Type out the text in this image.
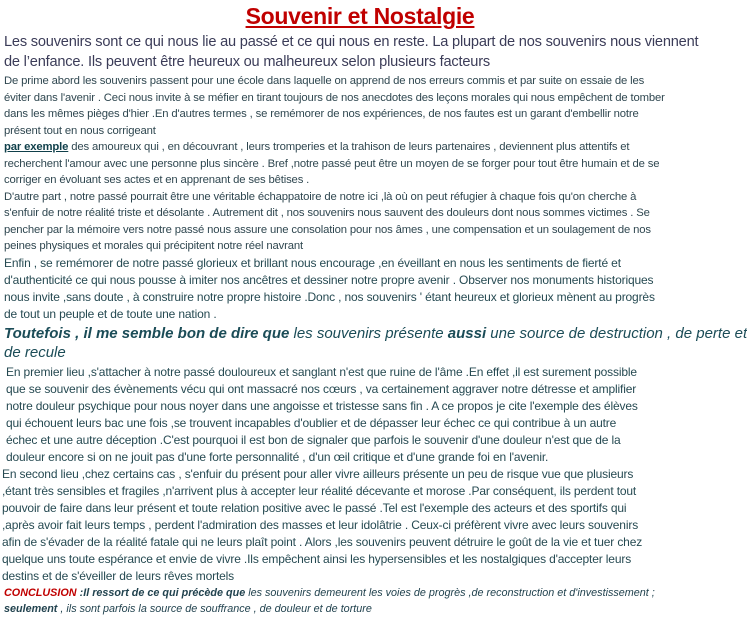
Souvenir et Nostalgie
Les souvenirs sont ce qui nous lie au passé et ce qui nous en reste. La plupart de nos souvenirs nous viennent
de l’enfance. Ils peuvent être heureux ou malheureux selon plusieurs facteurs
De prime abord les souvenirs passent pour une école dans laquelle on apprend de nos erreurs commis et par suite on essaie de les
éviter dans l'avenir . Ceci nous invite à se méfier en tirant toujours de nos anecdotes des leçons morales qui nous empêchent de tomber
dans les mêmes pièges d'hier .En d'autres termes , se remémorer de nos expériences, de nos fautes est un garant d'embellir notre
présent tout en nous corrigeant
par exemple des amoureux qui , en découvrant , leurs tromperies et la trahison de leurs partenaires , deviennent plus attentifs et
recherchent l'amour avec une personne plus sincère . Bref ,notre passé peut être un moyen de se forger pour tout être humain et de se
corriger en évoluant ses actes et en apprenant de ses bêtises .
D'autre part , notre passé pourrait être une véritable échappatoire de notre ici ,là où on peut réfugier à chaque fois qu'on cherche à
s'enfuir de notre réalité triste et désolante . Autrement dit , nos souvenirs nous sauvent des douleurs dont nous sommes victimes . Se
pencher par la mémoire vers notre passé nous assure une consolation pour nos âmes , une compensation et un soulagement de nos
peines physiques et morales qui précipitent notre réel navrant
Enfin , se remémorer de notre passé glorieux et brillant nous encourage ,en éveillant en nous les sentiments de fierté et
d'authenticité ce qui nous pousse à imiter nos ancêtres et dessiner notre propre avenir . Observer nos monuments historiques
nous invite ,sans doute , à construire notre propre histoire .Donc , nos souvenirs ' étant heureux et glorieux mènent au progrès
de tout un peuple et de toute une nation .
Toutefois , il me semble bon de dire que les souvenirs présente aussi une source de destruction , de perte et
de recule
En premier lieu ,s'attacher à notre passé douloureux et sanglant n'est que ruine de l'âme .En effet ,il est surement possible
que se souvenir des évènements vécu qui ont massacré nos cœurs , va certainement aggraver notre détresse et amplifier
notre douleur psychique pour nous noyer dans une angoisse et tristesse sans fin . A ce propos je cite l'exemple des élèves
qui échouent leurs bac une fois ,se trouvent incapables d'oublier et de dépasser leur échec ce qui contribue à un autre
échec et une autre déception .C'est pourquoi il est bon de signaler que parfois le souvenir d'une douleur n'est que de la
douleur encore si on ne jouit pas d'une forte personnalité , d'un œil critique et d'une grande foi en l'avenir.
En second lieu ,chez certains cas , s'enfuir du présent pour aller vivre ailleurs présente un peu de risque vue que plusieurs
,étant très sensibles et fragiles ,n'arrivent plus à accepter leur réalité décevante et morose .Par conséquent, ils perdent tout
pouvoir de faire dans leur présent et toute relation positive avec le passé .Tel est l'exemple des acteurs et des sportifs qui
,après avoir fait leurs temps , perdent l'admiration des masses et leur idolâtrie . Ceux-ci préfèrent vivre avec leurs souvenirs
afin de s'évader de la réalité fatale qui ne leurs plaît point . Alors ,les souvenirs peuvent détruire le goût de la vie et tuer chez
quelque uns toute espérance et envie de vivre .Ils empêchent ainsi les hypersensibles et les nostalgiques d'accepter leurs
destins et de s'éveiller de leurs rêves mortels
CONCLUSION :Il ressort de ce qui précède que les souvenirs demeurent les voies de progrès ,de reconstruction et d'investissement ;
seulement , ils sont parfois la source de souffrance , de douleur et de torture
